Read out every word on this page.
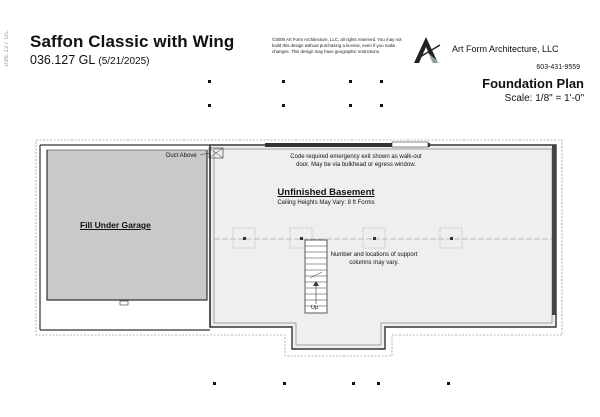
036.127 GL Saffon Classic with Wing
036.127 GL (5/21/2025)
©2009 Art Form Architecture, LLC, all rights reserved. You may not build this design without purchasing a license, even if you make changes. This design may have geographic restrictions.	Art Form Architecture, LLC
603-431-9559
Foundation Plan
Scale: 1/8" = 1'-0"
Fill Under Garage
Duct Above	Code required emergency exit shown as walk-out door. May be via bulkhead or egress window.
Unfinished Basement
Ceiling Heights May Vary: 8 ft Forms
Number and locations of support columns may vary.
Up
